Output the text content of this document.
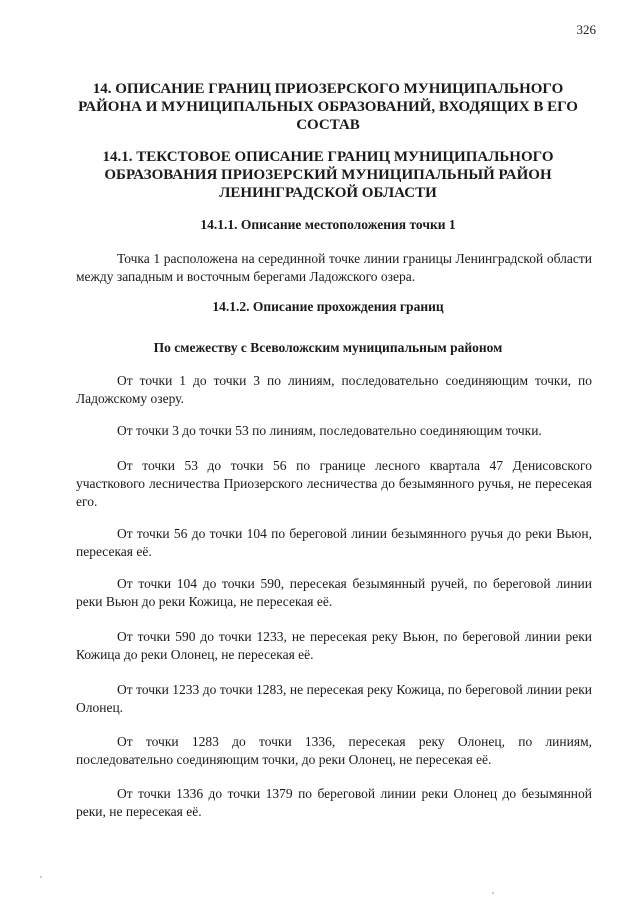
326
14. ОПИСАНИЕ ГРАНИЦ ПРИОЗЕРСКОГО МУНИЦИПАЛЬНОГО РАЙОНА И МУНИЦИПАЛЬНЫХ ОБРАЗОВАНИЙ, ВХОДЯЩИХ В ЕГО СОСТАВ
14.1. ТЕКСТОВОЕ ОПИСАНИЕ ГРАНИЦ МУНИЦИПАЛЬНОГО ОБРАЗОВАНИЯ ПРИОЗЕРСКИЙ МУНИЦИПАЛЬНЫЙ РАЙОН ЛЕНИНГРАДСКОЙ ОБЛАСТИ
14.1.1. Описание местоположения точки 1

Точка 1 расположена на серединной точке линии границы Ленинградской области между западным и восточным берегами Ладожского озера.

14.1.2. Описание прохождения границ
По смежеству с Всеволожским муниципальным районом

От точки 1 до точки 3 по линиям, последовательно соединяющим точки, по Ладожскому озеру.

От точки 3 до точки 53 по линиям, последовательно соединяющим точки.

От точки 53 до точки 56 по границе лесного квартала 47 Денисовского участкового лесничества Приозерского лесничества до безымянного ручья, не пересекая его.

От точки 56 до точки 104 по береговой линии безымянного ручья до реки Вьюн, пересекая её.

От точки 104 до точки 590, пересекая безымянный ручей, по береговой линии реки Вьюн до реки Кожица, не пересекая её.

От точки 590 до точки 1233, не пересекая реку Вьюн, по береговой линии реки Кожица до реки Олонец, не пересекая её.

От точки 1233 до точки 1283, не пересекая реку Кожица, по береговой линии реки Олонец.

От точки 1283 до точки 1336, пересекая реку Олонец, по линиям, последовательно соединяющим точки, до реки Олонец, не пересекая её.

От точки 1336 до точки 1379 по береговой линии реки Олонец до безымянной реки, не пересекая её.
